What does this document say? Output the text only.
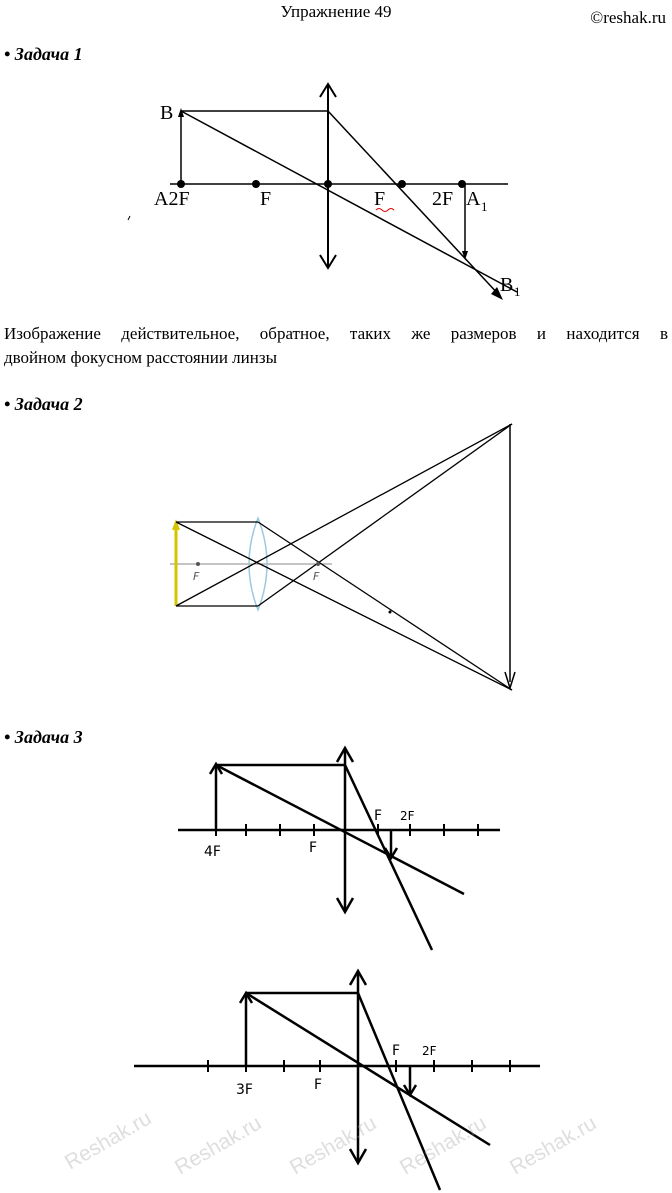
Упражнение 49	©reshak.ru
• Задача 1
B
A2F	F	F 2F A 1
B 1
Изображение действительное, обратное, таких же размеров и находится в
двойном фокусном расстоянии линзы
• Задача 2
F	F
• Задача 3
4F	F
F 2F
3F	F
F 2F
Reshak.ru Reshak.ru Reshak.ru Reshak.ru Reshak.ru
